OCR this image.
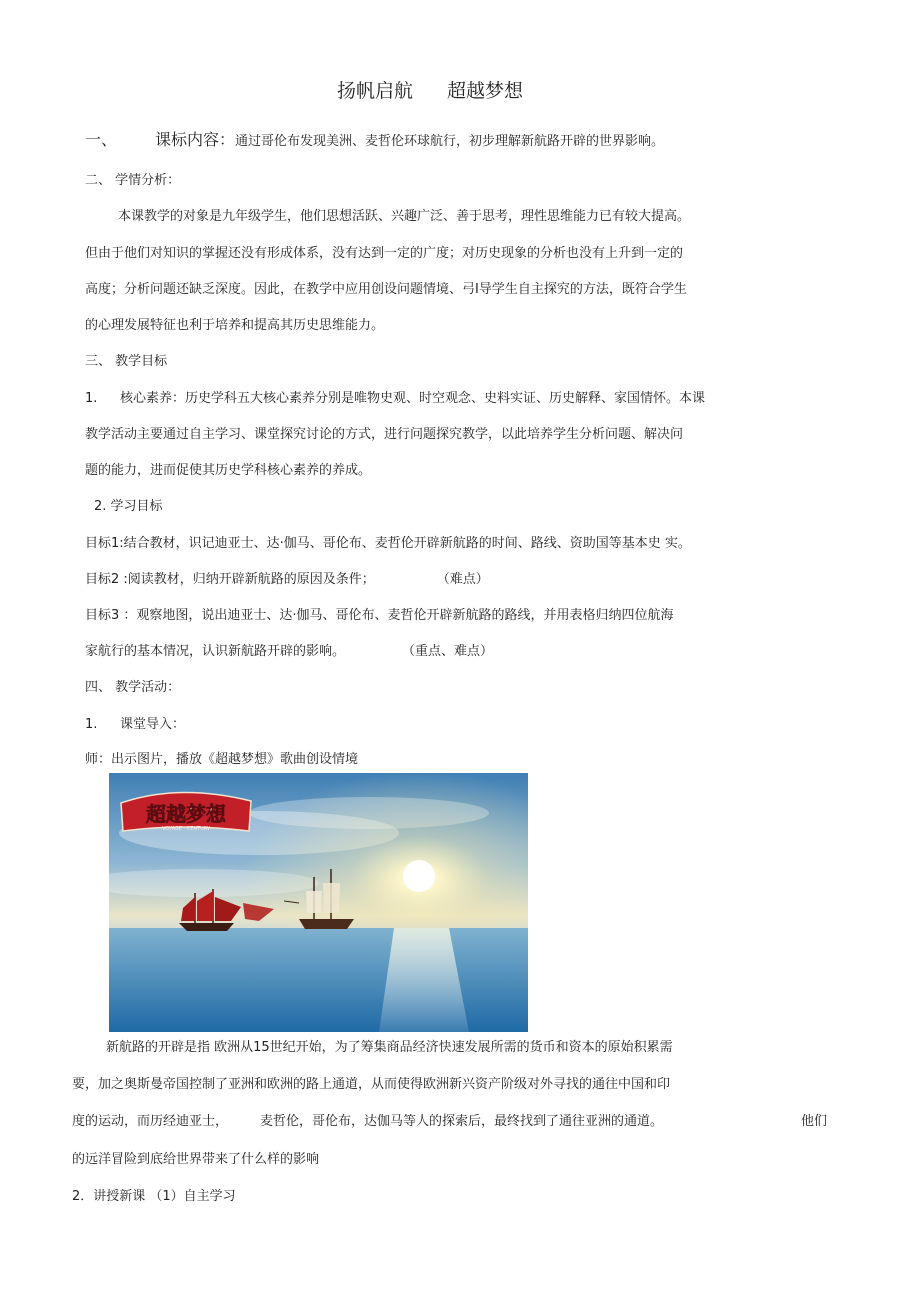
扬帆启航 超越梦想
一、 课标内容：通过哥伦布发现美洲、麦哲伦环球航行，初步理解新航路开辟的世界影响。
二、 学情分析：
本课教学的对象是九年级学生，他们思想活跃、兴趣广泛、善于思考，理性思维能力已有较大提高。
但由于他们对知识的掌握还没有形成体系，没有达到一定的广度；对历史现象的分析也没有上升到一定的
高度；分析问题还缺乏深度。因此，在教学中应用创设问题情境、弓I导学生自主探究的方法，既符合学生
的心理发展特征也利于培养和提高其历史思维能力。
三、 教学目标
1. 核心素养：历史学科五大核心素养分别是唯物史观、时空观念、史料实证、历史解释、家国情怀。本课
教学活动主要通过自主学习、课堂探究讨论的方式，进行问题探究教学，以此培养学生分析问题、解决问
题的能力，进而促使其历史学科核心素养的养成。
2. 学习目标
目标1:结合教材，识记迪亚士、达·伽马、哥伦布、麦哲伦开辟新航路的时间、路线、资助国等基本史 实。
目标2 :阅读教材，归纳开辟新航路的原因及条件；	（难点）
目标3 ：观察地图，说出迪亚士、达·伽马、哥伦布、麦哲伦开辟新航路的路线，并用表格归纳四位航海
家航行的基本情况，认识新航路开辟的影响。	（重点、难点）
四、 教学活动：
1. 课堂导入：
师：出示图片，播放《超越梦想》歌曲创设情境
超越梦想
VOYAGE · CENTURY
新航路的开辟是指 欧洲从15世纪开始，为了筹集商品经济快速发展所需的货币和资本的原始积累需
要，加之奥斯曼帝国控制了亚洲和欧洲的路上通道，从而使得欧洲新兴资产阶级对外寻找的通往中国和印
度的运动，而历经迪亚士， 麦哲伦，哥伦布，达伽马等人的探索后，最终找到了通往亚洲的通道。	他们
的远洋冒险到底给世界带来了什么样的影响
2．讲授新课 （1）自主学习
